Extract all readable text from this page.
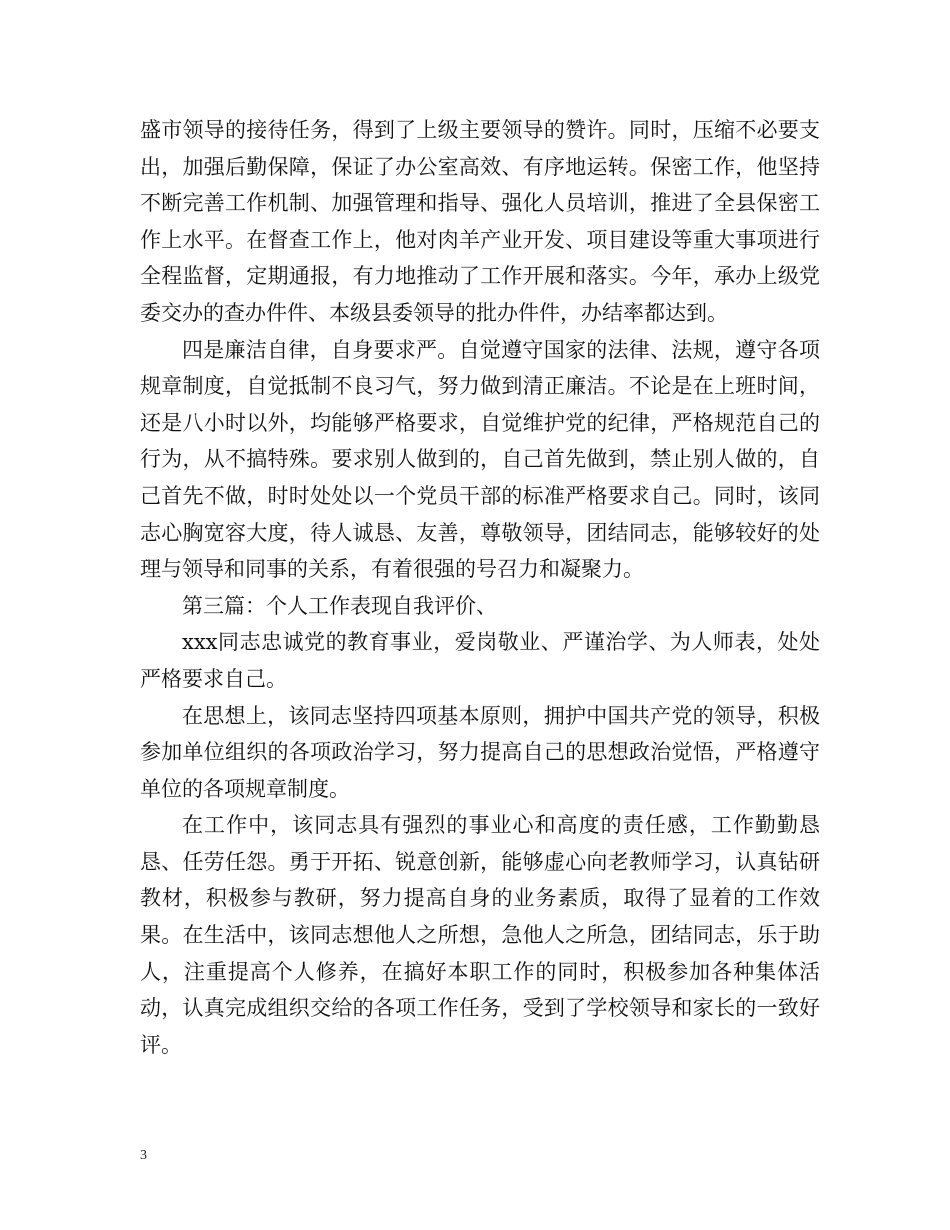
盛市领导的接待任务，得到了上级主要领导的赞许。同时，压缩不必要支出，加强后勤保障，保证了办公室高效、有序地运转。保密工作，他坚持不断完善工作机制、加强管理和指导、强化人员培训，推进了全县保密工作上水平。在督查工作上，他对肉羊产业开发、项目建设等重大事项进行全程监督，定期通报，有力地推动了工作开展和落实。今年，承办上级党委交办的查办件件、本级县委领导的批办件件，办结率都达到。

四是廉洁自律，自身要求严。自觉遵守国家的法律、法规，遵守各项规章制度，自觉抵制不良习气，努力做到清正廉洁。不论是在上班时间，还是八小时以外，均能够严格要求，自觉维护党的纪律，严格规范自己的行为，从不搞特殊。要求别人做到的，自己首先做到，禁止别人做的，自己首先不做，时时处处以一个党员干部的标准严格要求自己。同时，该同志心胸宽容大度，待人诚恳、友善，尊敬领导，团结同志，能够较好的处理与领导和同事的关系，有着很强的号召力和凝聚力。

第三篇：个人工作表现自我评价、

xxx同志忠诚党的教育事业，爱岗敬业、严谨治学、为人师表，处处严格要求自己。

在思想上，该同志坚持四项基本原则，拥护中国共产党的领导，积极参加单位组织的各项政治学习，努力提高自己的思想政治觉悟，严格遵守单位的各项规章制度。

在工作中，该同志具有强烈的事业心和高度的责任感，工作勤勤恳恳、任劳任怨。勇于开拓、锐意创新，能够虚心向老教师学习，认真钻研教材，积极参与教研，努力提高自身的业务素质，取得了显着的工作效果。在生活中，该同志想他人之所想，急他人之所急，团结同志，乐于助人，注重提高个人修养，在搞好本职工作的同时，积极参加各种集体活动，认真完成组织交给的各项工作任务，受到了学校领导和家长的一致好评。

3
